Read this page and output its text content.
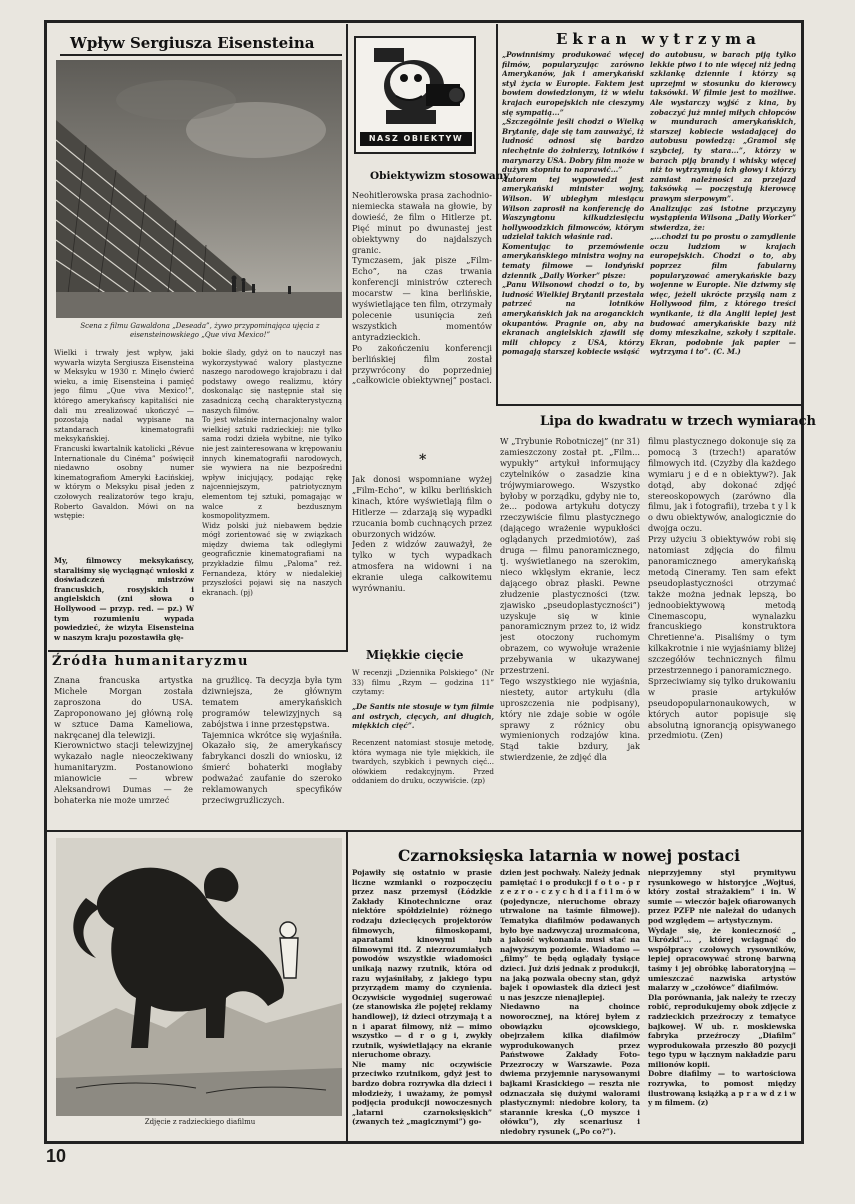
Wpływ Sergiusza Eisensteina
Scena z filmu Gawaldona „Deseada”, żywo przypominająca ujęcia z eisensteinowskiego „Que viva Mexico!”
Wielki i trwały jest wpływ, jaki wywarła wizyta Sergiusza Eisensteina w Meksyku w 1930 r. Minęło ćwierć wieku, a imię Eisensteina i pamięć jego filmu „Que viva Mexico!”, którego amerykańscy kapitaliści nie dali mu zrealizować ukończyć — pozostają nadal wypisane na sztandarach kinematografii meksykańskiej.
Francuski kwartalnik katolicki „Révue Internationale du Cinéma” poświęcił niedawno osobny numer kinematografiom Ameryki Łacińskiej, w którym o Meksyku pisał jeden z czołowych realizatorów tego kraju, Roberto Gavaldon. Mówi on na wstępie:
My, filmowcy meksykańscy, staraliśmy się wyciągnąć wnioski z doświadczeń mistrzów francuskich, rosyjskich i angielskich (zni słowa o Hollywood — przyp. red. — pz.) W tym rozumieniu wypada powiedzieć, że wizyta Eisensteina w naszym kraju pozostawiła głę-
bokie ślady, gdyż on to nauczył nas wykorzystywać walory plastyczne naszego narodowego krajobrazu i dał podstawy owego realizmu, który doskonaląc się następnie stał się zasadniczą cechą charakterystyczną naszych filmów.
To jest właśnie internacjonalny walor wielkiej sztuki radzieckiej: nie tylko sama rodzi dzieła wybitne, nie tylko nie jest zainteresowana w krępowaniu innych kinematografii narodowych, sie wywiera na nie bezpośredni wpływ inicjujący, podając rękę najcenniejszym, patriotycznym elementom tej sztuki, pomagając w walce z bezdusznym kosmopolityzmem.
Widz polski już niebawem będzie mógł zorientować się w związkach między dwiema tak odległymi geograficznie kinematografiami na przykładzie filmu „Paloma” reż. Fernandeza, który w niedalekiej przyszłości pojawi się na naszych ekranach. (pj)
Źródła humanitaryzmu
Znana francuska artystka Michele Morgan została zaproszona do USA. Zaproponowano jej główną rolę w sztuce Dama Kameliowa, nakręcanej dla telewizji.
Kierownictwo stacji telewizyjnej wykazało nagle nieoczekiwany humanitaryzm. Postanowiono mianowicie — wbrew Aleksandrowi Dumas — że bohaterka nie może umrzeć
na gruźlicę. Ta decyzja była tym dziwniejsza, że głównym tematem amerykańskich programów telewizyjnych są zabójstwa i inne przestępstwa.
Tajemnica wkrótce się wyjaśniła. Okazało się, że amerykańscy fabrykanci doszli do wniosku, iż śmierć bohaterki mogłaby podważać zaufanie do szeroko reklamowanych specyfików przeciwgruźliczych.
NASZ OBIEKTYW
Obiektywizm stosowany
Neohitlerowska prasa zachodnio-niemiecka stawała na głowie, by dowieść, że film o Hitlerze pt. Pięć minut po dwunastej jest obiektywny do najdalszych granic.
Tymczasem, jak pisze „Film-Echo”, na czas trwania konferencji ministrów czterech mocarstw — kina berlińskie, wyświetlające ten film, otrzymały polecenie usunięcia zeń wszystkich momentów antyradzieckich.
Po zakończeniu konferencji berlińskiej film został przywrócony do poprzedniej „całkowicie obiektywnej” postaci.
*
Jak donosi wspomniane wyżej „Film-Echo”, w kilku berlińskich kinach, które wyświetlają film o Hitlerze — zdarzają się wypadki rzucania bomb cuchnących przez oburzonych widzów.
Jeden z widzów zauważył, że tylko w tych wypadkach atmosfera na widowni i na ekranie ulega całkowitemu wyrównaniu.
Miękkie cięcie
W recenzji „Dziennika Polskiego” (Nr 33) filmu „Rzym — godzina 11” czytamy:
„De Santis nie stosuje w tym filmie ani ostrych, cięcych, ani długich, miękkich cięć”.
Recenzent natomiast stosuje metodę, która wymaga nie tyle miękkich, ile twardych, szybkich i pewnych cięć... ołówkiem redakcyjnym. Przed oddaniem do druku, oczywiście. (zp)
Ekran wytrzyma
„Powinniśmy produkować więcej filmów, popularyzując zarówno Amerykanów, jak i amerykański styl życia w Europie. Faktem jest bowiem dowiedzionym, iż w wielu krajach europejskich nie cieszymy się sympatią...”
„Szczególnie jeśli chodzi o Wielką Brytanię, daje się tam zauważyć, iż ludność odnosi się bardzo niechętnie do żołnierzy, lotników i marynarzy USA. Dobry film może w dużym stopniu to naprawić...”
Autorem tej wypowiedzi jest amerykański minister wojny, Wilson. W ubiegłym miesiącu Wilson zaprosił na konferencję do Waszyngtonu kilkudziesięciu hollywoodzkich filmowców, którym udzielał takich właśnie rad.
Komentując to przemówienie amerykańskiego ministra wojny na tematy filmowe — londyński dziennik „Daily Worker” pisze:
„Panu Wilsonowi chodzi o to, by ludność Wielkiej Brytanii przestała patrzeć na lotników amerykańskich jak na aroganckich okupantów. Pragnie on, aby na ekranach angielskich zjawili się mili chłopcy z USA, którzy pomagają starszej kobiecie wsiąść
do autobusu, w barach piją tylko lekkie piwo i to nie więcej niż jedną szklankę dziennie i którzy są uprzejmi w stosunku do kierowcy taksówki. W filmie jest to możliwe. Ale wystarczy wyjść z kina, by zobaczyć już mniej miłych chłopców w mundurach amerykańskich, starszej kobiecie wsiadającej do autobusu powiedzą: „Gramol się szybciej, ty stara...”, którzy w barach piją brandy i whisky więcej niż to wytrzymują ich głowy i którzy zamiast należności za przejazd taksówką — poczęstują kierowcę prawym sierpowym”.
Analizując zaś istotne przyczyny wystąpienia Wilsona „Daily Worker” stwierdza, że:
„...chodzi tu po prostu o zamydlenie oczu ludziom w krajach europejskich. Chodzi o to, aby poprzez film fabularny popularyzować amerykańskie bazy wojenne w Europie. Nie dziwmy się więc, jeżeli ukrócte przyślą nam z Hollywood film, z którego treści wynikanie, iż dla Anglii lepiej jest budować amerykańskie bazy niż domy mieszkalne, szkoły i szpitale. Ekran, podobnie jak papier — wytrzyma i to”. (C. M.)
Lipa do kwadratu w trzech wymiarach
W „Trybunie Robotniczej” (nr 31) zamieszczony został pt. „Film... wypukły” artykuł informujący czytelników o zasadzie kina trójwymiarowego. Wszystko byłoby w porządku, gdyby nie to, że... podowa artykułu dotyczy rzeczywiście filmu plastycznego (dającego wrażenie wypukłości oglądanych przedmiotów), zaś druga — filmu panoramicznego, tj. wyświetlanego na szerokim, nieco wklęsłym ekranie, lecz dającego obraz płaski. Pewne złudzenie plastyczności (tzw. zjawisko „pseudoplastyczności”) uzyskuje się w kinie panoramicznym przez to, iż widz jest otoczony ruchomym obrazem, co wywołuje wrażenie przebywania w ukazywanej przestrzeni.
Tego wszystkiego nie wyjaśnia, niestety, autor artykułu (dla uproszczenia nie podpisany), który nie zdaje sobie w ogóle sprawy z różnicy obu wymienionych rodzajów kina. Stąd takie bzdury, jak stwierdzenie, że zdjęć dla
filmu plastycznego dokonuje się za pomocą 3 (trzech!) aparatów filmowych itd. (Czyżby dla każdego wymiaru j e d e n obiektyw?). Jak dotąd, aby dokonać zdjęć stereoskopowych (zarówno dla filmu, jak i fotografii), trzeba t y l k o dwu obiektywów, analogicznie do dwojga oczu.
Przy użyciu 3 obiektywów robi się natomiast zdjęcia do filmu panoramicznego amerykańską metodą Cineramy. Ten sam efekt pseudoplastyczności otrzymać także można jednak lepszą, bo jednoobiektywową metodą Cinemascopu, wynalazku francuskiego konstruktora Chretienne'a. Pisaliśmy o tym kilkakrotnie i nie wyjaśniamy bliżej szczegółów technicznych filmu przestrzennego i panoramicznego.
Sprzeciwiamy się tylko drukowaniu w prasie artykułów pseudopopularnonaukowych, w których autor popisuje się absolutną ignorancją opisywanego przedmiotu. (Zen)
Zdjęcie z radzieckiego diafilmu
Czarnoksięska latarnia w nowej postaci
Pojawiły się ostatnio w prasie liczne wzmianki o rozpoczęciu przez nasz przemysł (Łódzkie Zakłady Kinotechniczne oraz niektóre spółdzielnie) różnego rodzaju dziecięcych projektorów filmowych, filmoskopami, aparatami kinowymi lub filmowymi itd. Z niezrozumiałych powodów wszystkie wiadomości unikają nazwy rzutnik, która od razu wyjaśniłaby, z jakiego typu przyrządem mamy do czynienia. Oczywiście wygodniej sugerować (ze stanowiska źle pojętej reklamy handlowej), iż dzieci otrzymają t a n i aparat filmowy, niż — mimo wszystko — d r o g i, zwykły rzutnik, wyświetlający na ekranie nieruchome obrazy.
Nie mamy nic oczywiście przeciwko rzutnikom, gdyż jest to bardzo dobra rozrywka dla dzieci i młodzieży, i uważamy, że pomysł podjęcia produkcji nowoczesnych „latarni czarnoksięskich” (zwanych też „magicznymi”) go-
dzien jest pochwały. Należy jednak pamiętać i o produkcji f o t o - p r z e z r o - c z y c h d i a f i l m ó w (pojedyncze, nieruchome obrazy utrwalone na taśmie filmowej). Tematyka diafilmów podawanych było bye nadzwyczaj urozmaicona, a jakość wykonania musi stać na najwyższym poziomie. Wiadomo — „filmy” te będą oglądały tysiące dzieci. Już dziś jednak z produkcji, na jaką pozwala obecny stan, gdyż bajek i opowiastek dla dzieci jest u nas jeszcze nienajlepiej.
Niedawno na choince noworocznej, na której byłem z obowiązku ojcowskiego, obejrzałem kilka diafilmów wyprodukowanych przez Państwowe Zakłady Foto-Przezroczy w Warszawie. Poza dwiema przyjemnie narysowanymi bajkami Krasickiego — reszta nie odznaczała się dużymi walorami plastycznymi: niedobre kolory, ta starannie kreska („O myszce i ołówku”), zły scenariusz i niedobry rysunek („Po co?”).
nieprzyjemny styl prymitywu rysunkowego w historyjce „Wojtuś, który został strażakiem” i in. W sumie — wieczór bajek ofiarowanych przez PZFP nie należał do udanych pod względem — artystycznym.
Wydaje się, że konieczność „ Ukrózki”... , której wciągnąć do współpracy czołowych rysowników, lepiej opracowywać stronę barwną taśmy i jej obróbkę laboratoryjną — umieszczać nazwiska artystów malarzy w „czołówce” diafilmów.
Dla porównania, jak należy te rzeczy robić, reprodukujemy obok zdjęcie z radzieckich przeźroczy z tematyce bajkowej. W ub. r. moskiewska fabryka przeźroczy „Diafilm” wyprodukowała przeszło 80 pozycji tego typu w łącznym nakładzie paru milionów kopii.
Dobre diafilmy — to wartościowa rozrywka, to pomost między ilustrowaną książką a p r a w d z i w y m filmem. (z)
10
